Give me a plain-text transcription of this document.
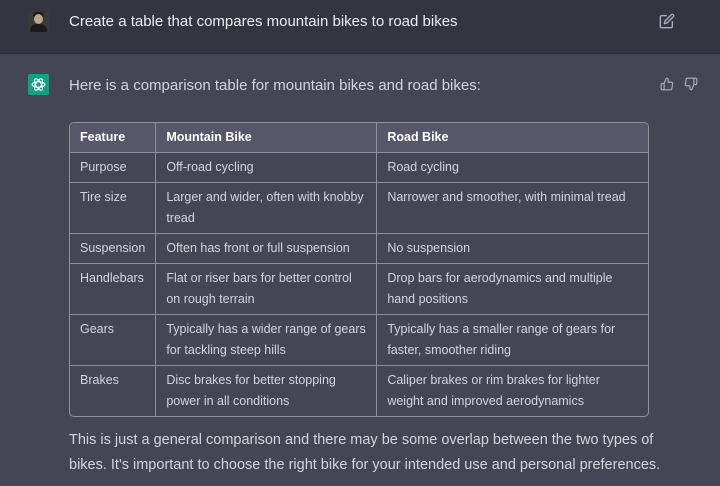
Create a table that compares mountain bikes to road bikes
Here is a comparison table for mountain bikes and road bikes:
Feature	Mountain Bike	Road Bike
Purpose	Off-road cycling	Road cycling
Tire size	Larger and wider, often with knobby tread	Narrower and smoother, with minimal tread
Suspension	Often has front or full suspension	No suspension
Handlebars	Flat or riser bars for better control on rough terrain	Drop bars for aerodynamics and multiple hand positions
Gears	Typically has a wider range of gears for tackling steep hills	Typically has a smaller range of gears for faster, smoother riding
Brakes	Disc brakes for better stopping power in all conditions	Caliper brakes or rim brakes for lighter weight and improved aerodynamics
This is just a general comparison and there may be some overlap between the two types of bikes. It's important to choose the right bike for your intended use and personal preferences.
